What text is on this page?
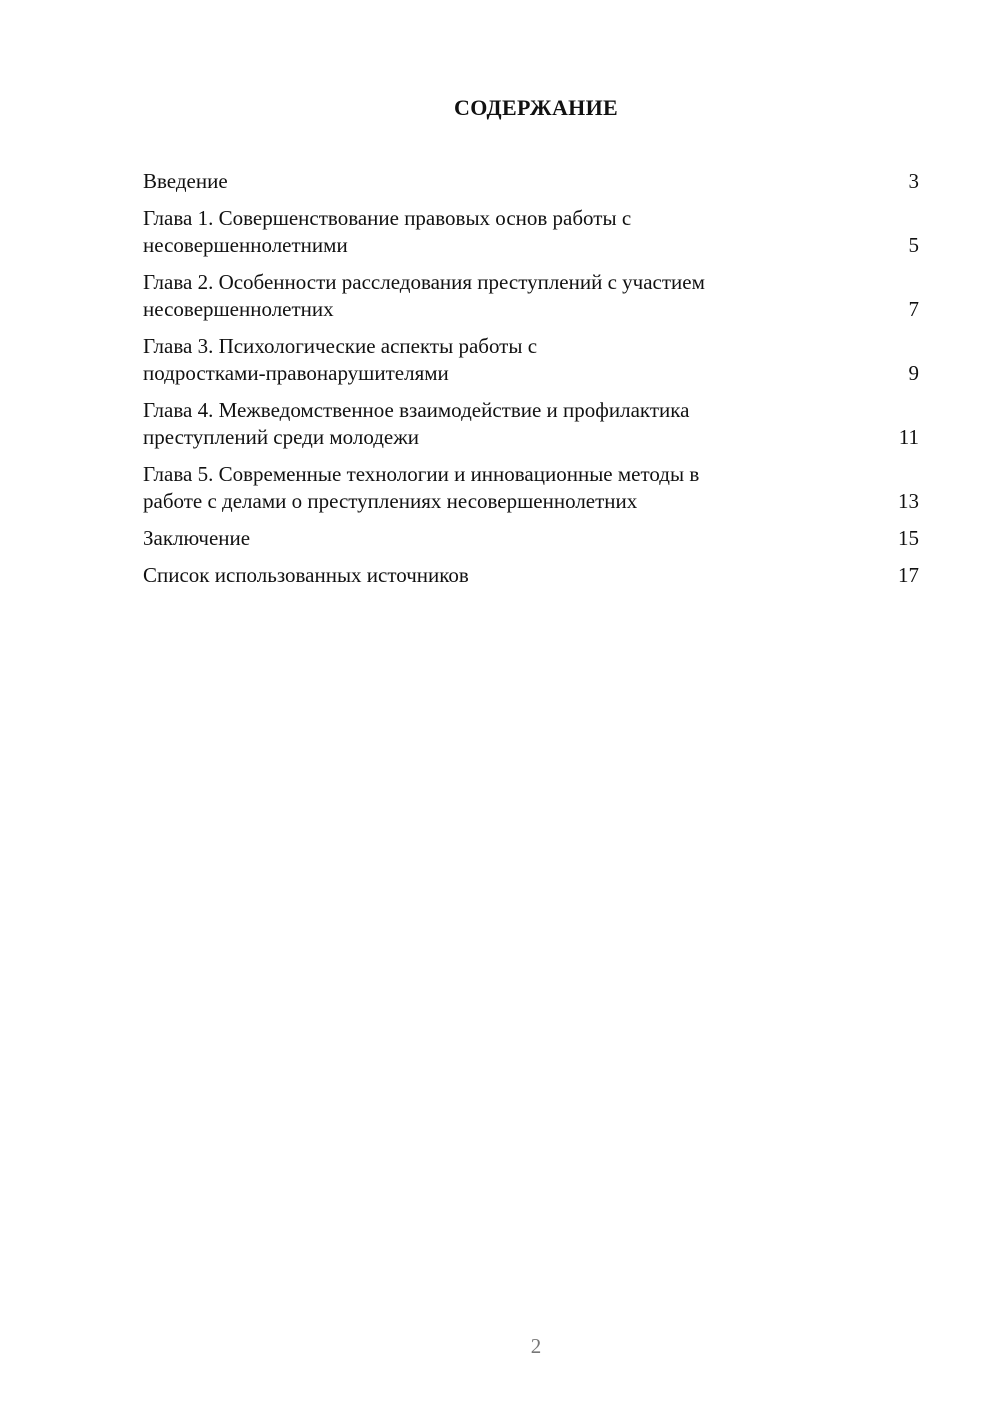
СОДЕРЖАНИЕ
Введение	3
Глава 1. Совершенствование правовых основ работы с
несовершеннолетними	5
Глава 2. Особенности расследования преступлений с участием
несовершеннолетних	7
Глава 3. Психологические аспекты работы с
подростками-правонарушителями	9
Глава 4. Межведомственное взаимодействие и профилактика
преступлений среди молодежи	11
Глава 5. Современные технологии и инновационные методы в
работе с делами о преступлениях несовершеннолетних	13
Заключение	15
Список использованных источников	17
2
